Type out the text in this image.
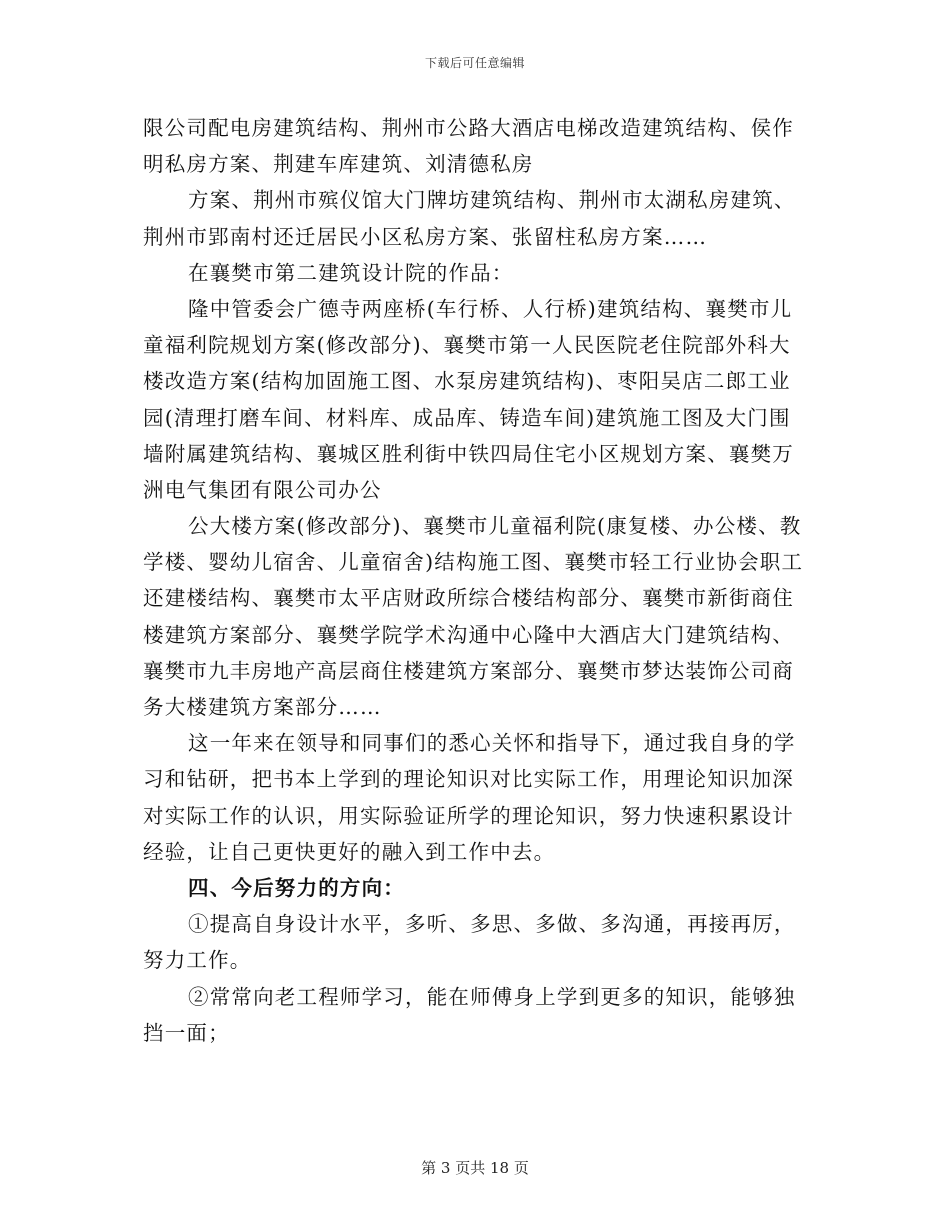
下载后可任意编辑
限公司配电房建筑结构、荆州市公路大酒店电梯改造建筑结构、侯作
明私房方案、荆建车库建筑、刘清德私房
方案、荆州市殡仪馆大门牌坊建筑结构、荆州市太湖私房建筑、
荆州市郢南村还迁居民小区私房方案、张留柱私房方案……
在襄樊市第二建筑设计院的作品：
隆中管委会广德寺两座桥(车行桥、人行桥)建筑结构、襄樊市儿
童福利院规划方案(修改部分)、襄樊市第一人民医院老住院部外科大
楼改造方案(结构加固施工图、水泵房建筑结构)、枣阳吴店二郎工业
园(清理打磨车间、材料库、成品库、铸造车间)建筑施工图及大门围
墙附属建筑结构、襄城区胜利街中铁四局住宅小区规划方案、襄樊万
洲电气集团有限公司办公
公大楼方案(修改部分)、襄樊市儿童福利院(康复楼、办公楼、教
学楼、婴幼儿宿舍、儿童宿舍)结构施工图、襄樊市轻工行业协会职工
还建楼结构、襄樊市太平店财政所综合楼结构部分、襄樊市新街商住
楼建筑方案部分、襄樊学院学术沟通中心隆中大酒店大门建筑结构、
襄樊市九丰房地产高层商住楼建筑方案部分、襄樊市梦达装饰公司商
务大楼建筑方案部分……
这一年来在领导和同事们的悉心关怀和指导下，通过我自身的学
习和钻研，把书本上学到的理论知识对比实际工作，用理论知识加深
对实际工作的认识，用实际验证所学的理论知识，努力快速积累设计
经验，让自己更快更好的融入到工作中去。
四、今后努力的方向：
①提高自身设计水平，多听、多思、多做、多沟通，再接再厉，
努力工作。
②常常向老工程师学习，能在师傅身上学到更多的知识，能够独
挡一面；
第 3 页共 18 页
